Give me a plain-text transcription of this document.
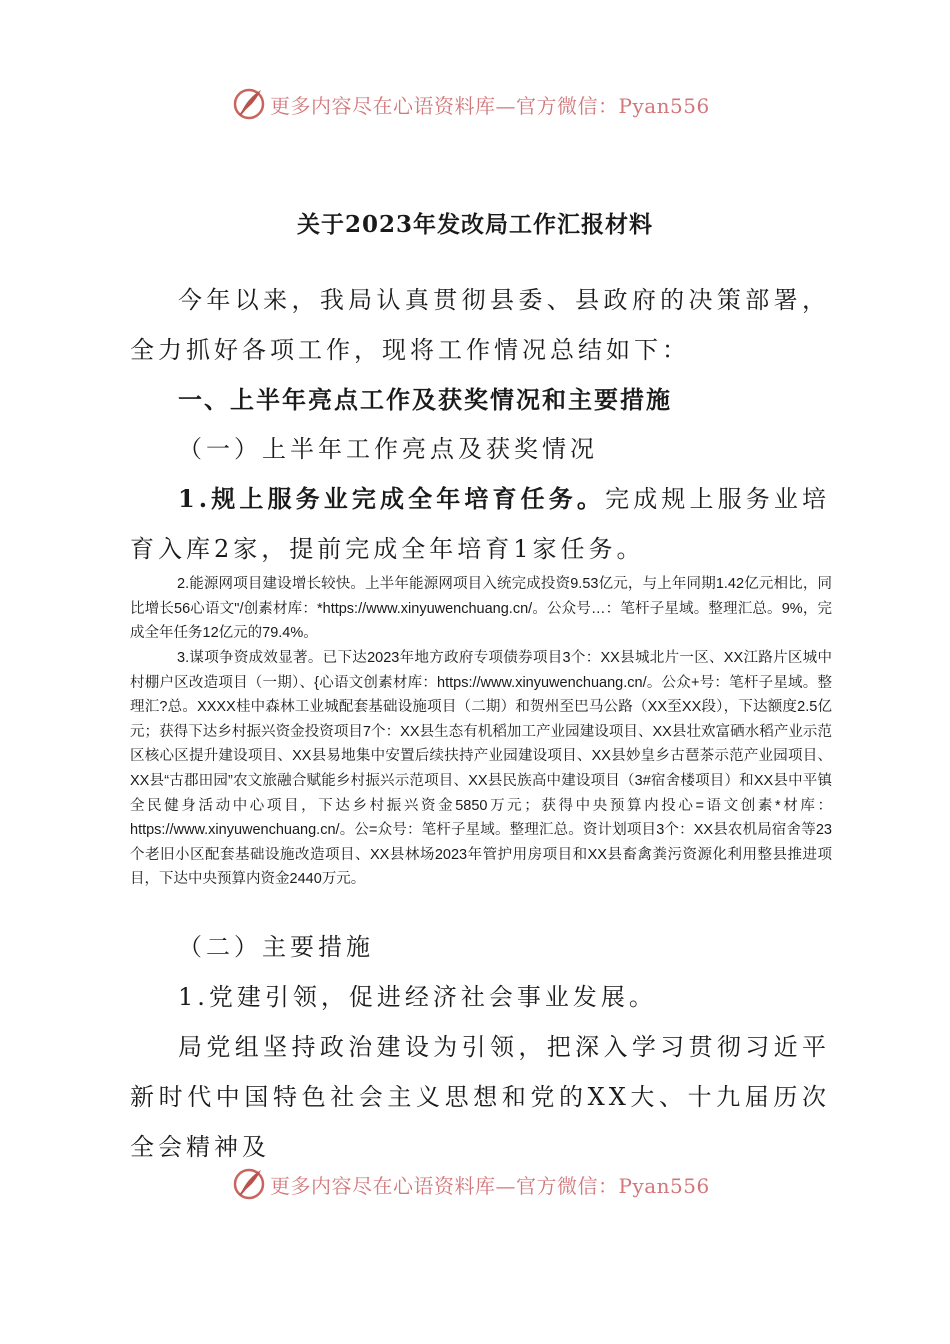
更多内容尽在心语资料库—官方微信：Pyan556
关于2023年发改局工作汇报材料
今年以来，我局认真贯彻县委、县政府的决策部署，全力抓好各项工作，现将工作情况总结如下：
一、上半年亮点工作及获奖情况和主要措施
（一）上半年工作亮点及获奖情况
1.规上服务业完成全年培育任务。完成规上服务业培育入库2家，提前完成全年培育1家任务。
2.能源网项目建设增长较快。上半年能源网项目入统完成投资9.53亿元，与上年同期1.42亿元相比，同比增长56心语文"/创素材库：*https://www.xinyuwenchuang.cn/。公众号…：笔杆子星域。整理汇总。9%，完成全年任务12亿元的79.4%。
3.谋项争资成效显著。已下达2023年地方政府专项债券项目3个：XX县城北片一区、XX江路片区城中村棚户区改造项目（一期）、{心语文创素材库：https://www.xinyuwenchuang.cn/。公众+号：笔杆子星域。整理汇?总。XXXX桂中森林工业城配套基础设施项目（二期）和贺州至巴马公路（XX至XX段），下达额度2.5亿元；获得下达乡村振兴资金投资项目7个：XX县生态有机稻加工产业园建设项目、XX县壮欢富硒水稻产业示范区核心区提升建设项目、XX县易地集中安置后续扶持产业园建设项目、XX县妙皇乡古琶茶示范产业园项目、XX县“古郡田园”农文旅融合赋能乡村振兴示范项目、XX县民族高中建设项目（3#宿舍楼项目）和XX县中平镇全民健身活动中心项目，下达乡村振兴资金5850万元；获得中央预算内投心=语文创素*材库：https://www.xinyuwenchuang.cn/。公=众号：笔杆子星域。整理汇总。资计划项目3个：XX县农机局宿舍等23个老旧小区配套基础设施改造项目、XX县林场2023年管护用房项目和XX县畜禽粪污资源化利用整县推进项目，下达中央预算内资金2440万元。
（二）主要措施
1.党建引领，促进经济社会事业发展。
局党组坚持政治建设为引领，把深入学习贯彻习近平新时代中国特色社会主义思想和党的XX大、十九届历次全会精神及
更多内容尽在心语资料库—官方微信：Pyan556
